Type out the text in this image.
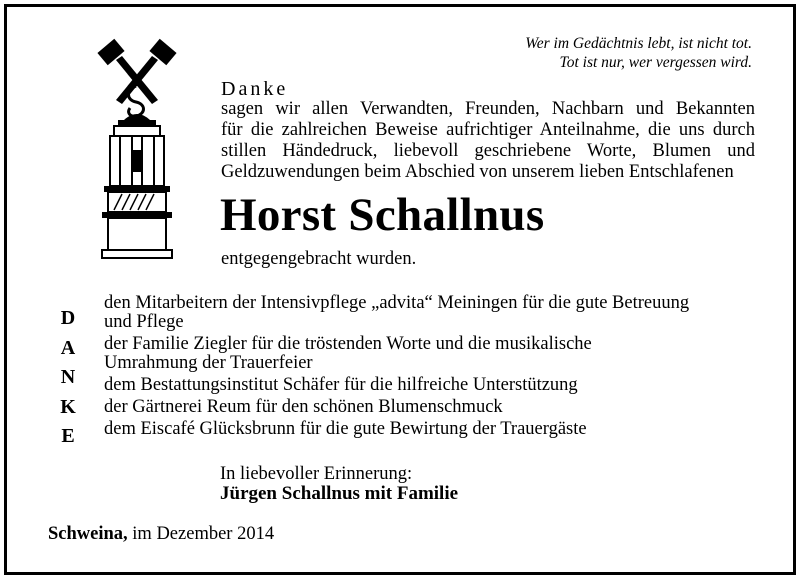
Wer im Gedächtnis lebt, ist nicht tot.
Tot ist nur, wer vergessen wird.
Danke
sagen wir allen Verwandten, Freunden, Nachbarn und Bekannten
für die zahlreichen Beweise aufrichtiger Anteilnahme, die uns durch
stillen Händedruck, liebevoll geschriebene Worte, Blumen und
Geldzuwendungen beim Abschied von unserem lieben Entschlafenen
Horst Schallnus
entgegengebracht wurden.
D
A
N
K
E
den Mitarbeitern der Intensivpflege „advita“ Meiningen für die gute Betreuung
und Pflege
der Familie Ziegler für die tröstenden Worte und die musikalische
Umrahmung der Trauerfeier
dem Bestattungsinstitut Schäfer für die hilfreiche Unterstützung
der Gärtnerei Reum für den schönen Blumenschmuck
dem Eiscafé Glücksbrunn für die gute Bewirtung der Trauergäste
In liebevoller Erinnerung:
Jürgen Schallnus mit Familie
Schweina, im Dezember 2014
